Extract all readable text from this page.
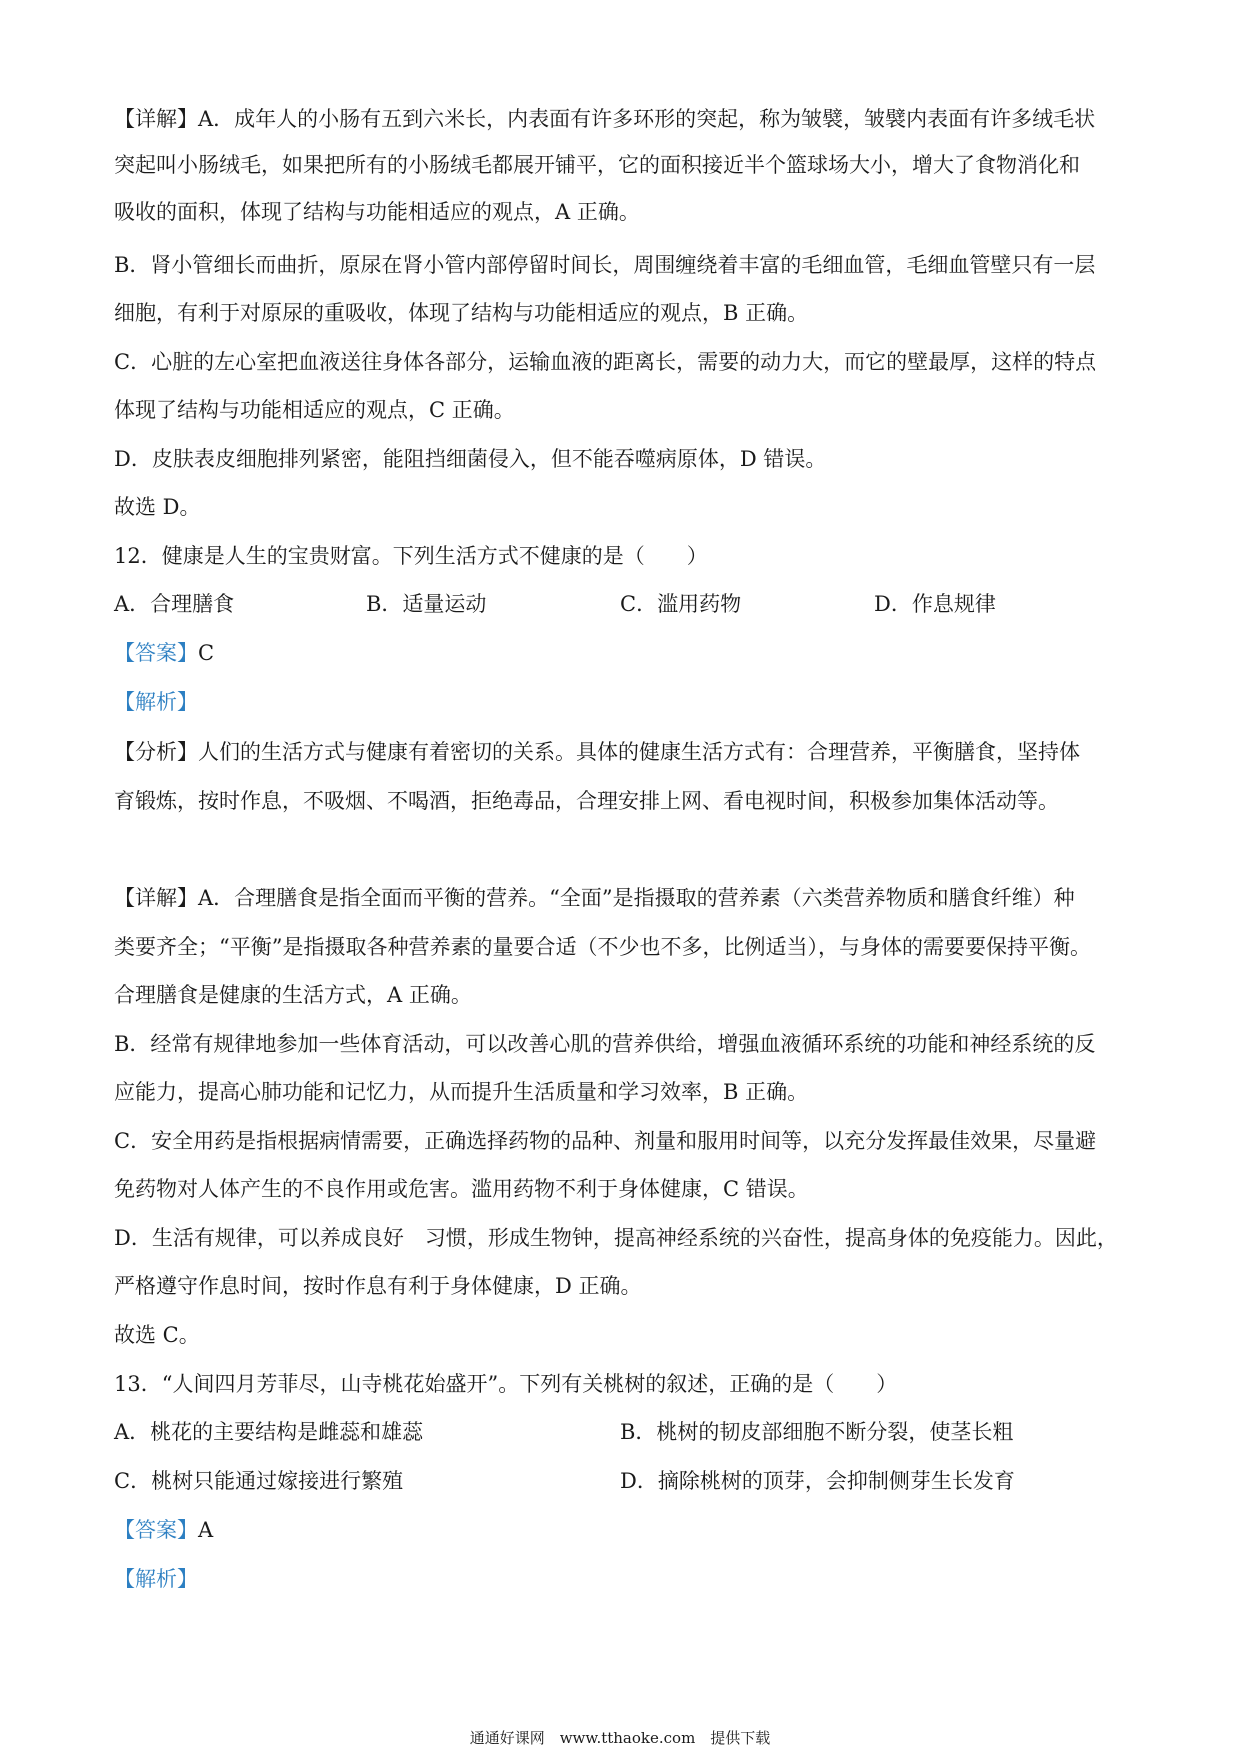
【详解】A．成年人的小肠有五到六米长，内表面有许多环形的突起，称为皱襞，皱襞内表面有许多绒毛状
突起叫小肠绒毛，如果把所有的小肠绒毛都展开铺平，它的面积接近半个篮球场大小，增大了食物消化和
吸收的面积，体现了结构与功能相适应的观点，A 正确。
B．肾小管细长而曲折，原尿在肾小管内部停留时间长，周围缠绕着丰富的毛细血管，毛细血管壁只有一层
细胞，有利于对原尿的重吸收，体现了结构与功能相适应的观点，B 正确。
C．心脏的左心室把血液送往身体各部分，运输血液的距离长，需要的动力大，而它的壁最厚，这样的特点
体现了结构与功能相适应的观点，C 正确。
D．皮肤表皮细胞排列紧密，能阻挡细菌侵入，但不能吞噬病原体，D 错误。
故选 D。
12．健康是人生的宝贵财富。下列生活方式不健康的是（　　）
A．合理膳食	B．适量运动	C．滥用药物	D．作息规律
【答案】C
【解析】
【分析】人们的生活方式与健康有着密切的关系。具体的健康生活方式有：合理营养，平衡膳食，坚持体
育锻炼，按时作息，不吸烟、不喝酒，拒绝毒品，合理安排上网、看电视时间，积极参加集体活动等。
【详解】A．合理膳食是指全面而平衡的营养。“全面”是指摄取的营养素（六类营养物质和膳食纤维）种
类要齐全；“平衡”是指摄取各种营养素的量要合适（不少也不多，比例适当），与身体的需要要保持平衡。
合理膳食是健康的生活方式，A 正确。
B．经常有规律地参加一些体育活动，可以改善心肌的营养供给，增强血液循环系统的功能和神经系统的反
应能力，提高心肺功能和记忆力，从而提升生活质量和学习效率，B 正确。
C．安全用药是指根据病情需要，正确选择药物的品种、剂量和服用时间等，以充分发挥最佳效果，尽量避
免药物对人体产生的不良作用或危害。滥用药物不利于身体健康，C 错误。
D．生活有规律，可以养成良好　习惯，形成生物钟，提高神经系统的兴奋性，提高身体的免疫能力。因此，
严格遵守作息时间，按时作息有利于身体健康，D 正确。
故选 C。
13．“人间四月芳菲尽，山寺桃花始盛开”。下列有关桃树的叙述，正确的是（　　）
A．桃花的主要结构是雌蕊和雄蕊	B．桃树的韧皮部细胞不断分裂，使茎长粗
C．桃树只能通过嫁接进行繁殖	D．摘除桃树的顶芽，会抑制侧芽生长发育
【答案】A
【解析】
通通好课网　www.tthaoke.com　提供下载
